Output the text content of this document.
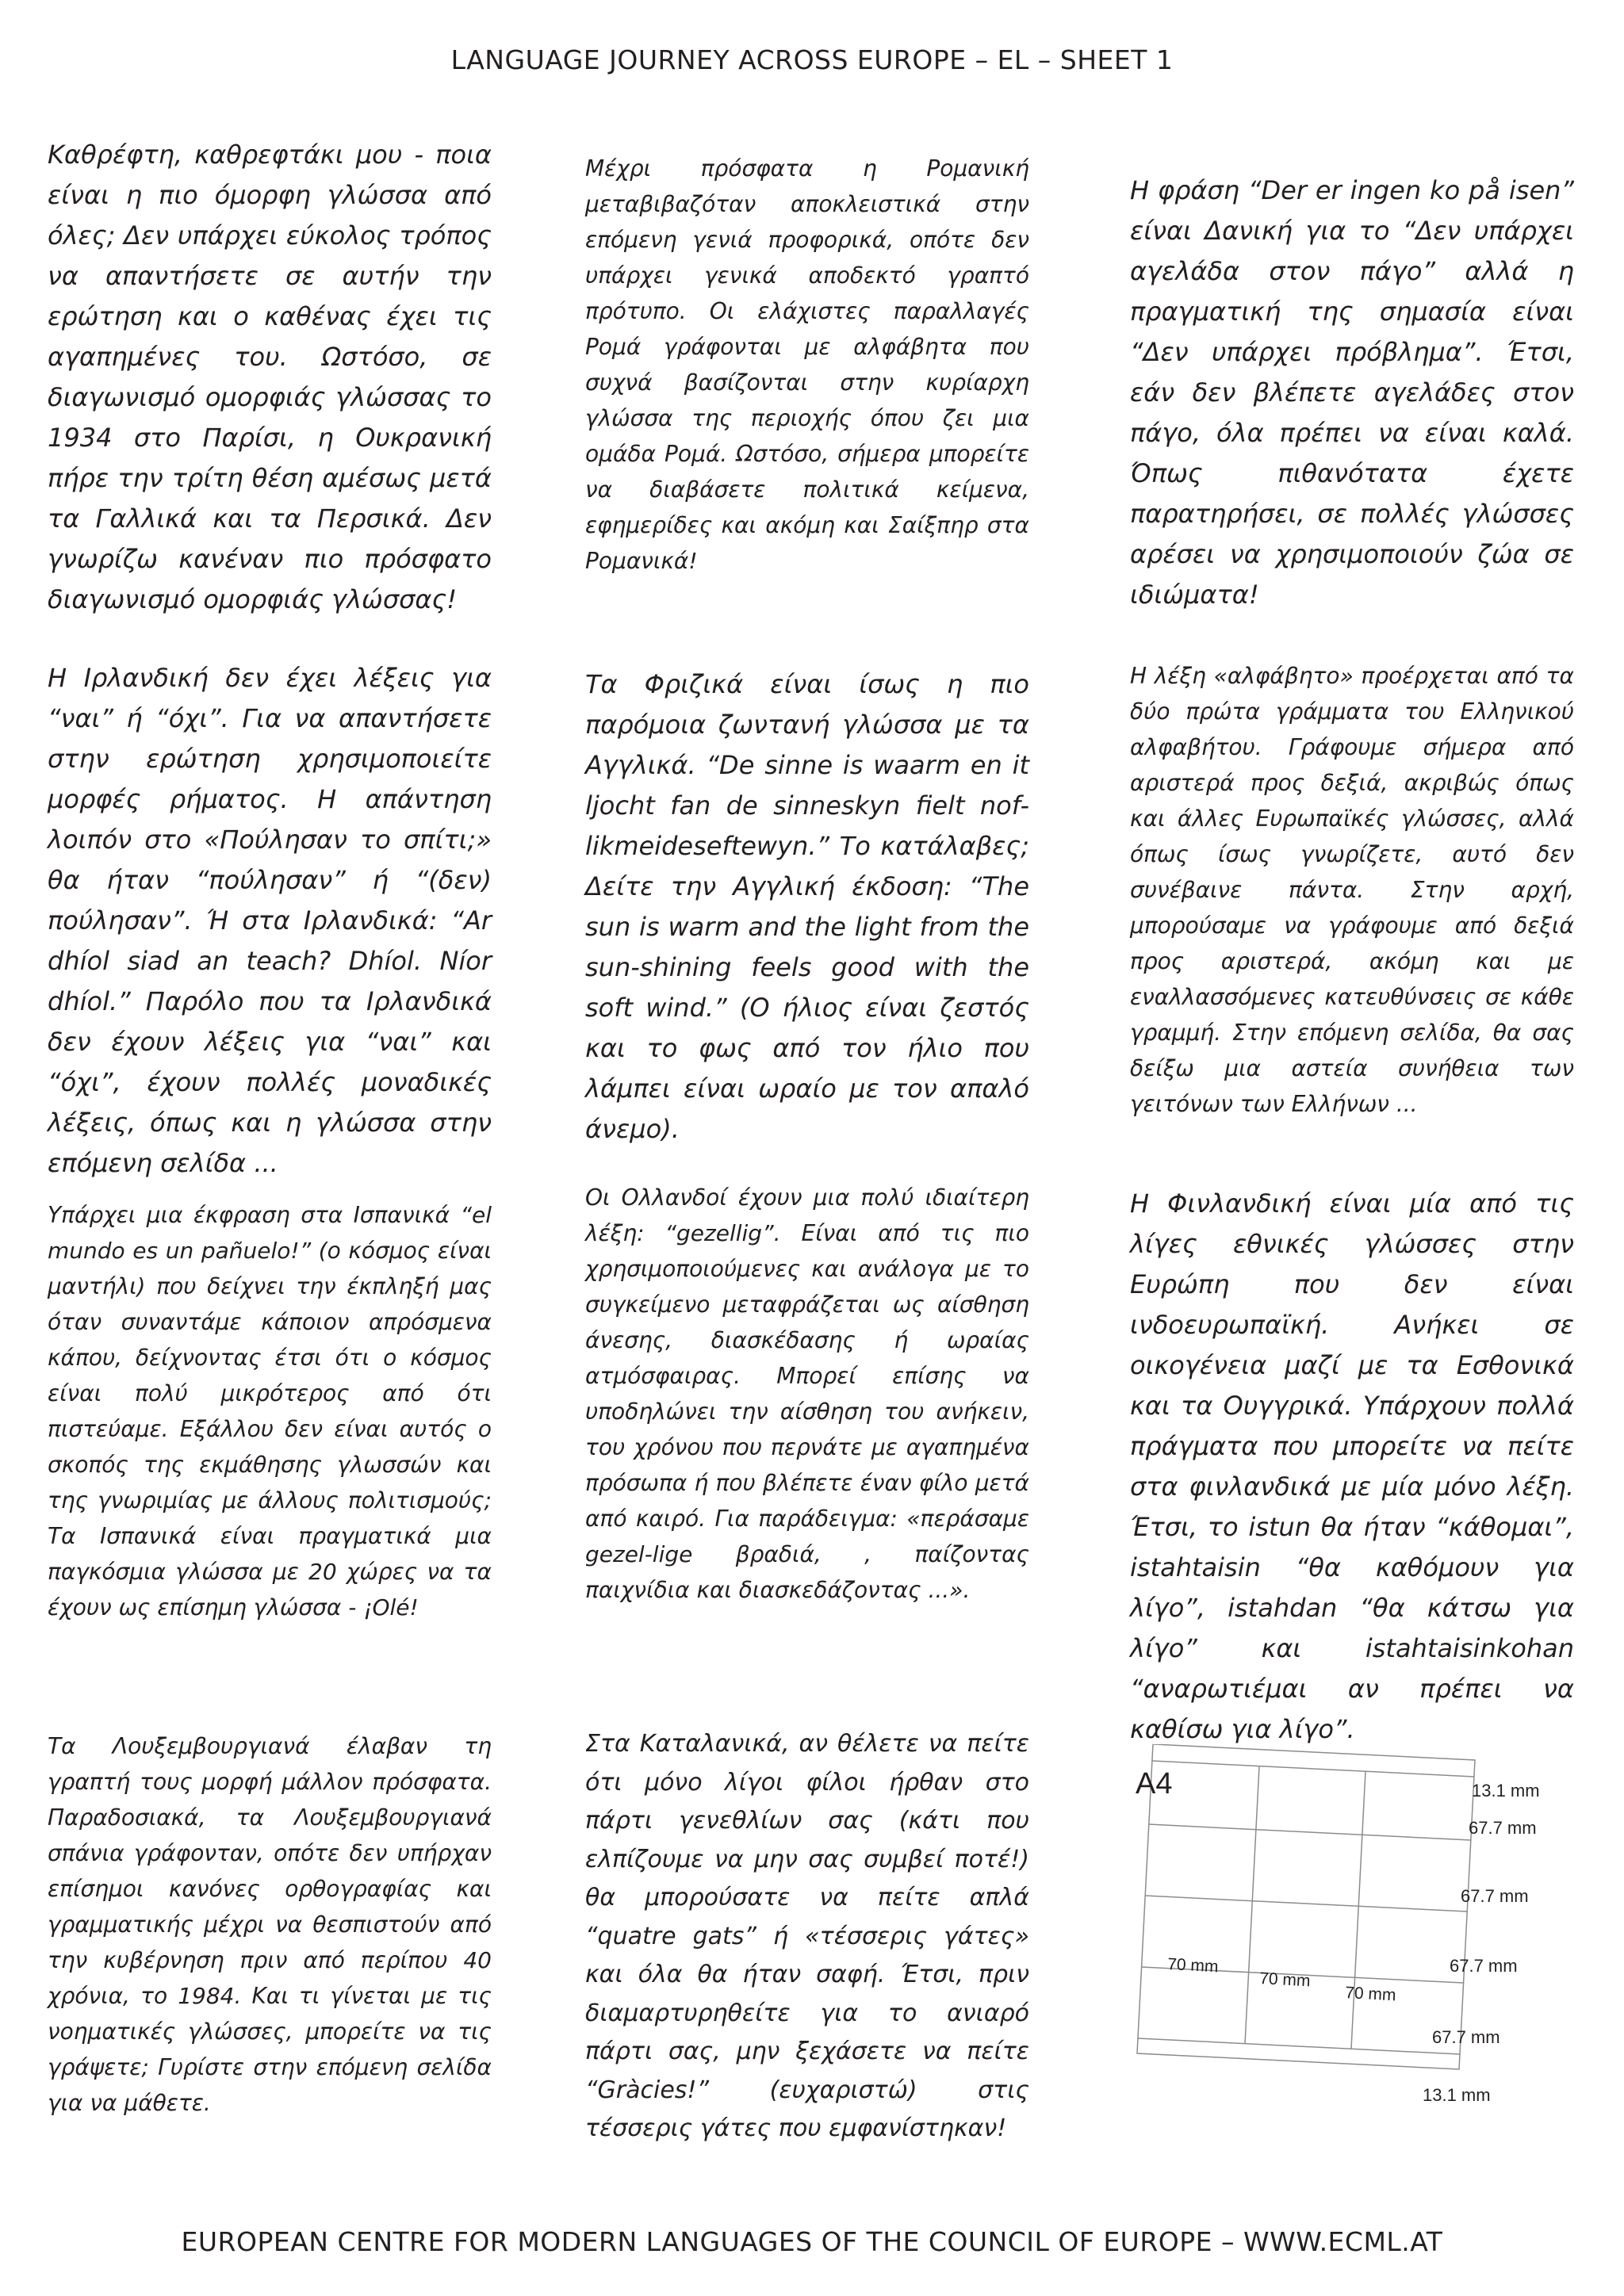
LANGUAGE JOURNEY ACROSS EUROPE – EL – SHEET 1

Καθρέφτη, καθρεφτάκι μου - ποια είναι η πιο όμορφη γλώσσα από όλες; Δεν υπάρχει εύκολος τρόπος να απαντήσετε σε αυτήν την ερώτηση και ο καθένας έχει τις αγαπημένες του. Ωστόσο, σε διαγωνισμό ομορφιάς γλώσσας το 1934 στο Παρίσι, η Ουκρανική πήρε την τρίτη θέση αμέσως μετά τα Γαλλικά και τα Περσικά. Δεν γνωρίζω κανέναν πιο πρόσφατο διαγωνισμό ομορφιάς γλώσσας!

Μέχρι πρόσφατα η Ρομανική μεταβιβαζόταν αποκλειστικά στην επόμενη γενιά προφορικά, οπότε δεν υπάρχει γενικά αποδεκτό γραπτό πρότυπο. Οι ελάχιστες παραλλαγές Ρομά γράφονται με αλφάβητα που συχνά βασίζονται στην κυρίαρχη γλώσσα της περιοχής όπου ζει μια ομάδα Ρομά. Ωστόσο, σήμερα μπορείτε να διαβάσετε πολιτικά κείμενα, εφημερίδες και ακόμη και Σαίξπηρ στα Ρομανικά!

Η φράση “Der er ingen ko på isen” είναι Δανική για το “Δεν υπάρχει αγελάδα στον πάγο” αλλά η πραγματική της σημασία είναι “Δεν υπάρχει πρόβλημα”. Έτσι, εάν δεν βλέπετε αγελάδες στον πάγο, όλα πρέπει να είναι καλά. Όπως πιθανότατα έχετε παρατηρήσει, σε πολλές γλώσσες αρέσει να χρησιμοποιούν ζώα σε ιδιώματα!

Η Ιρλανδική δεν έχει λέξεις για “ναι” ή “όχι”. Για να απαντήσετε στην ερώτηση χρησιμοποιείτε μορφές ρήματος. Η απάντηση λοιπόν στο «Πούλησαν το σπίτι;» θα ήταν “πούλησαν” ή “(δεν) πούλησαν”. Ή στα Ιρλανδικά: “Ar dhíol siad an teach? Dhíol. Níor dhíol.” Παρόλο που τα Ιρλανδικά δεν έχουν λέξεις για “ναι” και “όχι”, έχουν πολλές μοναδικές λέξεις, όπως και η γλώσσα στην επόμενη σελίδα ...

Τα Φριζικά είναι ίσως η πιο παρόμοια ζωντανή γλώσσα με τα Αγγλικά. “De sinne is waarm en it ljocht fan de sinneskyn fielt nof-likmeideseftewyn.” Το κατάλαβες; Δείτε την Αγγλική έκδοση: “The sun is warm and the light from the sun-shining feels good with the soft wind.” (Ο ήλιος είναι ζεστός και το φως από τον ήλιο που λάμπει είναι ωραίο με τον απαλό άνεμο).

Η λέξη «αλφάβητο» προέρχεται από τα δύο πρώτα γράμματα του Ελληνικού αλφαβήτου. Γράφουμε σήμερα από αριστερά προς δεξιά, ακριβώς όπως και άλλες Ευρωπαϊκές γλώσσες, αλλά όπως ίσως γνωρίζετε, αυτό δεν συνέβαινε πάντα. Στην αρχή, μπορούσαμε να γράφουμε από δεξιά προς αριστερά, ακόμη και με εναλλασσόμενες κατευθύνσεις σε κάθε γραμμή. Στην επόμενη σελίδα, θα σας δείξω μια αστεία συνήθεια των γειτόνων των Ελλήνων ...

Υπάρχει μια έκφραση στα Ισπανικά “el mundo es un pañuelo!” (ο κόσμος είναι μαντήλι) που δείχνει την έκπληξή μας όταν συναντάμε κάποιον απρόσμενα κάπου, δείχνοντας έτσι ότι ο κόσμος είναι πολύ μικρότερος από ότι πιστεύαμε. Εξάλλου δεν είναι αυτός ο σκοπός της εκμάθησης γλωσσών και της γνωριμίας με άλλους πολιτισμούς; Τα Ισπανικά είναι πραγματικά μια παγκόσμια γλώσσα με 20 χώρες να τα έχουν ως επίσημη γλώσσα - ¡Olé!

Οι Ολλανδοί έχουν μια πολύ ιδιαίτερη λέξη: “gezellig”. Είναι από τις πιο χρησιμοποιούμενες και ανάλογα με το συγκείμενο μεταφράζεται ως αίσθηση άνεσης, διασκέδασης ή ωραίας ατμόσφαιρας. Μπορεί επίσης να υποδηλώνει την αίσθηση του ανήκειν, του χρόνου που περνάτε με αγαπημένα πρόσωπα ή που βλέπετε έναν φίλο μετά από καιρό. Για παράδειγμα: «περάσαμε gezel-lige βραδιά, , παίζοντας παιχνίδια και διασκεδάζοντας ...».

Η Φινλανδική είναι μία από τις λίγες εθνικές γλώσσες στην Ευρώπη που δεν είναι ινδοευρωπαϊκή. Ανήκει σε οικογένεια μαζί με τα Εσθονικά και τα Ουγγρικά. Υπάρχουν πολλά πράγματα που μπορείτε να πείτε στα φινλανδικά με μία μόνο λέξη. Έτσι, το istun θα ήταν “κάθομαι”, istahtaisin “θα καθόμουν για λίγο”, istahdan “θα κάτσω για λίγο” και istahtaisinkohan “αναρωτιέμαι αν πρέπει να καθίσω για λίγο”.

Τα Λουξεμβουργιανά έλαβαν τη γραπτή τους μορφή μάλλον πρόσφατα. Παραδοσιακά, τα Λουξεμβουργιανά σπάνια γράφονταν, οπότε δεν υπήρχαν επίσημοι κανόνες ορθογραφίας και γραμματικής μέχρι να θεσπιστούν από την κυβέρνηση πριν από περίπου 40 χρόνια, το 1984. Και τι γίνεται με τις νοηματικές γλώσσες, μπορείτε να τις γράψετε; Γυρίστε στην επόμενη σελίδα για να μάθετε.

Στα Καταλανικά, αν θέλετε να πείτε ότι μόνο λίγοι φίλοι ήρθαν στο πάρτι γενεθλίων σας (κάτι που ελπίζουμε να μην σας συμβεί ποτέ!) θα μπορούσατε να πείτε απλά “quatre gats” ή «τέσσερις γάτες» και όλα θα ήταν σαφή. Έτσι, πριν διαμαρτυρηθείτε για το ανιαρό πάρτι σας, μην ξεχάσετε να πείτε “Gràcies!” (ευχαριστώ) στις τέσσερις γάτες που εμφανίστηκαν!

A4	13.1 mm
67.7 mm
67.7 mm
67.7 mm
67.7 mm
13.1 mm
70 mm
70 mm
70 mm
EUROPEAN CENTRE FOR MODERN LANGUAGES OF THE COUNCIL OF EUROPE – WWW.ECML.AT
